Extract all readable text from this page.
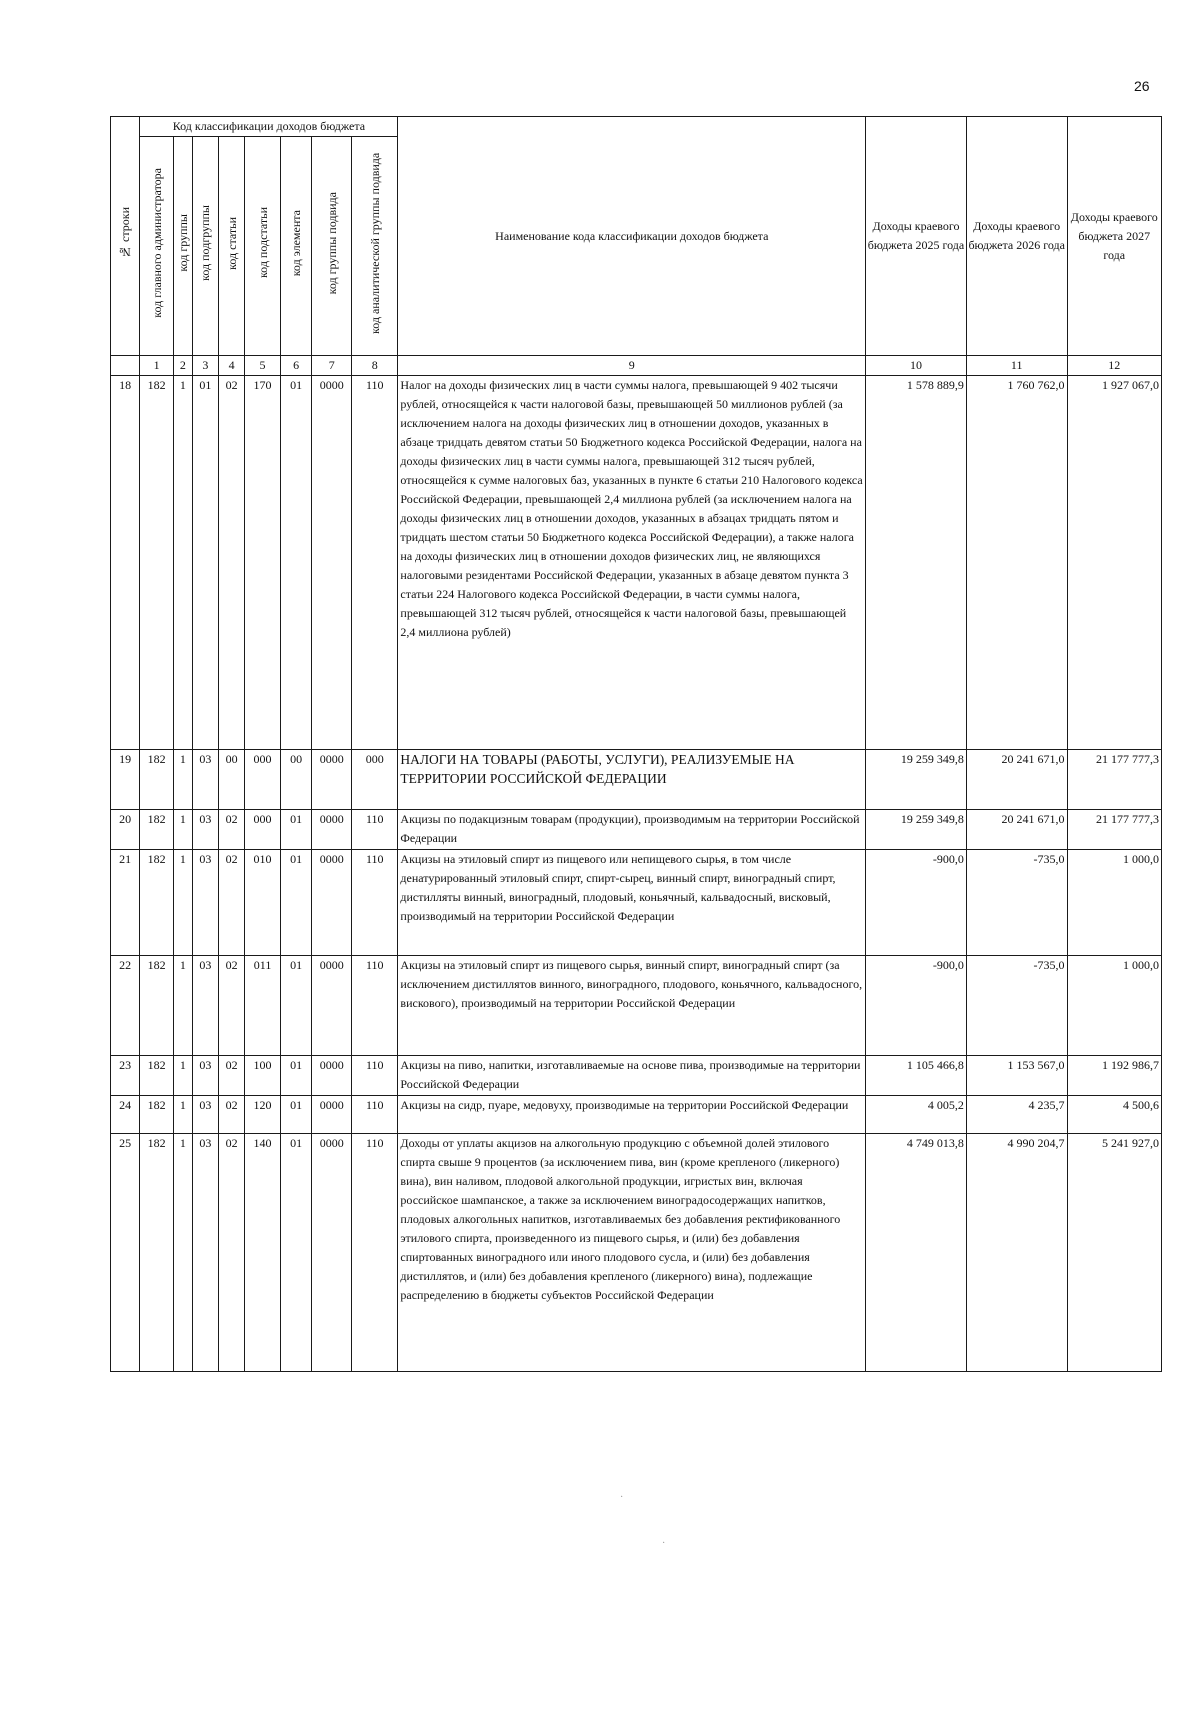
26
№ строки	Код классификации доходов бюджета								Наименование кода классификации доходов бюджета	Доходы краевого бюджета 2025 года	Доходы краевого бюджета 2026 года	Доходы краевого бюджета 2027 года
	код главного администратора	код группы	код подгруппы	код статьи	код подстатьи	код элемента	код группы подвида	код аналитической группы подвида				
	1	2	3	4	5	6	7	8	9	10	11	12
18	182	1	01	02	170	01	0000	110	Налог на доходы физических лиц в части суммы налога, превышающей 9 402 тысячи рублей, относящейся к части налоговой базы, превышающей 50 миллионов рублей (за исключением налога на доходы физических лиц в отношении доходов, указанных в абзаце тридцать девятом статьи 50 Бюджетного кодекса Российской Федерации, налога на доходы физических лиц в части суммы налога, превышающей 312 тысяч рублей, относящейся к сумме налоговых баз, указанных в пункте 6 статьи 210 Налогового кодекса Российской Федерации, превышающей 2,4 миллиона рублей (за исключением налога на доходы физических лиц в отношении доходов, указанных в абзацах тридцать пятом и тридцать шестом статьи 50 Бюджетного кодекса Российской Федерации), а также налога на доходы физических лиц в отношении доходов физических лиц, не являющихся налоговыми резидентами Российской Федерации, указанных в абзаце девятом пункта 3 статьи 224 Налогового кодекса Российской Федерации, в части суммы налога, превышающей 312 тысяч рублей, относящейся к части налоговой базы, превышающей 2,4 миллиона рублей)	1 578 889,9	1 760 762,0	1 927 067,0
19	182	1	03	00	000	00	0000	000	НАЛОГИ НА ТОВАРЫ (РАБОТЫ, УСЛУГИ), РЕАЛИЗУЕМЫЕ НА ТЕРРИТОРИИ РОССИЙСКОЙ ФЕДЕРАЦИИ	19 259 349,8	20 241 671,0	21 177 777,3
20	182	1	03	02	000	01	0000	110	Акцизы по подакцизным товарам (продукции), производимым на территории Российской Федерации	19 259 349,8	20 241 671,0	21 177 777,3
21	182	1	03	02	010	01	0000	110	Акцизы на этиловый спирт из пищевого или непищевого сырья, в том числе денатурированный этиловый спирт, спирт-сырец, винный спирт, виноградный спирт, дистилляты винный, виноградный, плодовый, коньячный, кальвадосный, висковый, производимый на территории Российской Федерации	-900,0	-735,0	1 000,0
22	182	1	03	02	011	01	0000	110	Акцизы на этиловый спирт из пищевого сырья, винный спирт, виноградный спирт (за исключением дистиллятов винного, виноградного, плодового, коньячного, кальвадосного, вискового), производимый на территории Российской Федерации	-900,0	-735,0	1 000,0
23	182	1	03	02	100	01	0000	110	Акцизы на пиво, напитки, изготавливаемые на основе пива, производимые на территории Российской Федерации	1 105 466,8	1 153 567,0	1 192 986,7
24	182	1	03	02	120	01	0000	110	Акцизы на сидр, пуаре, медовуху, производимые на территории Российской Федерации	4 005,2	4 235,7	4 500,6
25	182	1	03	02	140	01	0000	110	Доходы от уплаты акцизов на алкогольную продукцию с объемной долей этилового спирта свыше 9 процентов (за исключением пива, вин (кроме крепленого (ликерного) вина), вин наливом, плодовой алкогольной продукции, игристых вин, включая российское шампанское, а также за исключением виноградосодержащих напитков, плодовых алкогольных напитков, изготавливаемых без добавления ректификованного этилового спирта, произведенного из пищевого сырья, и (или) без добавления спиртованных виноградного или иного плодового сусла, и (или) без добавления дистиллятов, и (или) без добавления крепленого (ликерного) вина), подлежащие распределению в бюджеты субъектов Российской Федерации	4 749 013,8	4 990 204,7	5 241 927,0
·
·
